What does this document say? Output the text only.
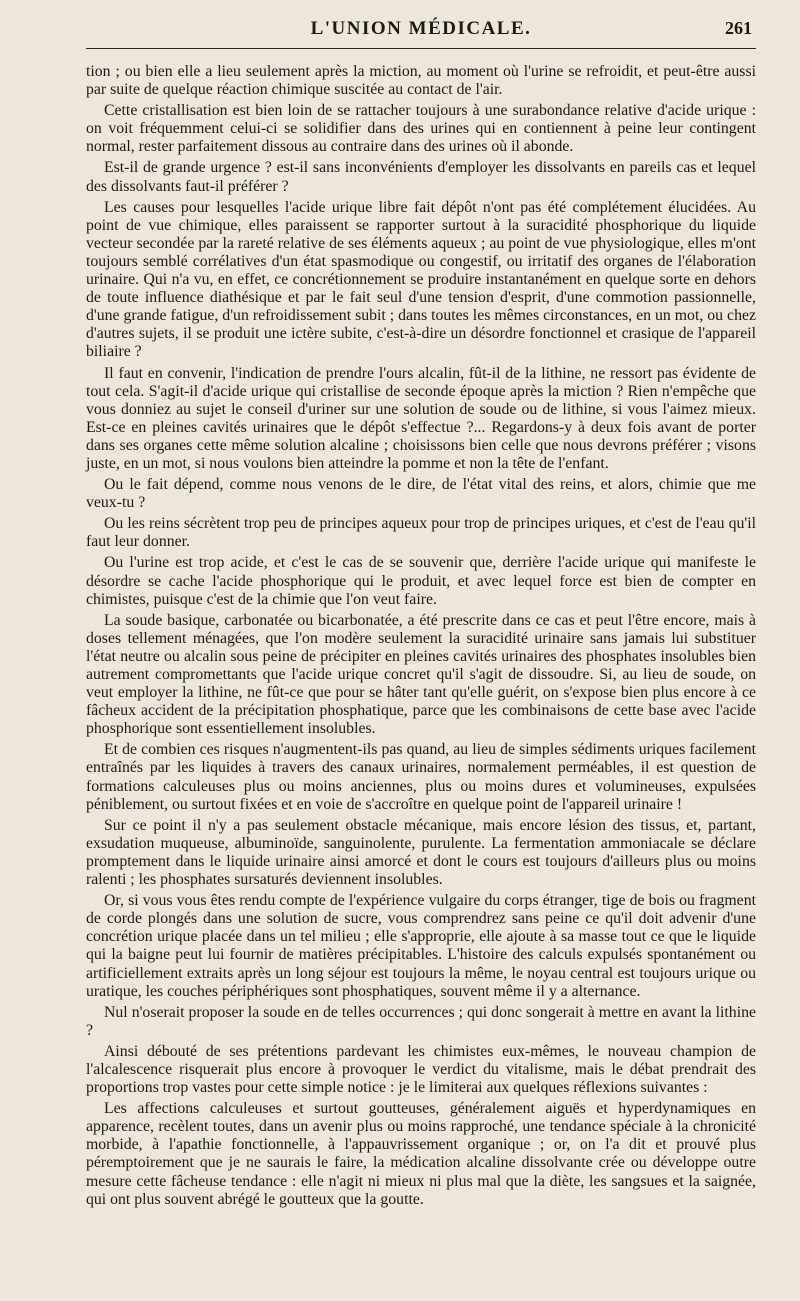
L'UNION MÉDICALE.	261

tion ; ou bien elle a lieu seulement après la miction, au moment où l'urine se refroidit, et peut-être aussi par suite de quelque réaction chimique suscitée au contact de l'air.

Cette cristallisation est bien loin de se rattacher toujours à une surabondance relative d'acide urique : on voit fréquemment celui-ci se solidifier dans des urines qui en contiennent à peine leur contingent normal, rester parfaitement dissous au contraire dans des urines où il abonde.

Est-il de grande urgence ? est-il sans inconvénients d'employer les dissolvants en pareils cas et lequel des dissolvants faut-il préférer ?

Les causes pour lesquelles l'acide urique libre fait dépôt n'ont pas été complétement élucidées. Au point de vue chimique, elles paraissent se rapporter surtout à la suracidité phosphorique du liquide vecteur secondée par la rareté relative de ses éléments aqueux ; au point de vue physiologique, elles m'ont toujours semblé corrélatives d'un état spasmodique ou congestif, ou irritatif des organes de l'élaboration urinaire. Qui n'a vu, en effet, ce concrétionnement se produire instantanément en quelque sorte en dehors de toute influence diathésique et par le fait seul d'une tension d'esprit, d'une commotion passionnelle, d'une grande fatigue, d'un refroidissement subit ; dans toutes les mêmes circonstances, en un mot, ou chez d'autres sujets, il se produit une ictère subite, c'est-à-dire un désordre fonctionnel et crasique de l'appareil biliaire ?

Il faut en convenir, l'indication de prendre l'ours alcalin, fût-il de la lithine, ne ressort pas évidente de tout cela. S'agit-il d'acide urique qui cristallise de seconde époque après la miction ? Rien n'empêche que vous donniez au sujet le conseil d'uriner sur une solution de soude ou de lithine, si vous l'aimez mieux. Est-ce en pleines cavités urinaires que le dépôt s'effectue ?... Regardons-y à deux fois avant de porter dans ses organes cette même solution alcaline ; choisissons bien celle que nous devrons préférer ; visons juste, en un mot, si nous voulons bien atteindre la pomme et non la tête de l'enfant.

Ou le fait dépend, comme nous venons de le dire, de l'état vital des reins, et alors, chimie que me veux-tu ?

Ou les reins sécrètent trop peu de principes aqueux pour trop de principes uriques, et c'est de l'eau qu'il faut leur donner.

Ou l'urine est trop acide, et c'est le cas de se souvenir que, derrière l'acide urique qui manifeste le désordre se cache l'acide phosphorique qui le produit, et avec lequel force est bien de compter en chimistes, puisque c'est de la chimie que l'on veut faire.

La soude basique, carbonatée ou bicarbonatée, a été prescrite dans ce cas et peut l'être encore, mais à doses tellement ménagées, que l'on modère seulement la suracidité urinaire sans jamais lui substituer l'état neutre ou alcalin sous peine de précipiter en pleines cavités urinaires des phosphates insolubles bien autrement compromettants que l'acide urique concret qu'il s'agit de dissoudre. Si, au lieu de soude, on veut employer la lithine, ne fût-ce que pour se hâter tant qu'elle guérit, on s'expose bien plus encore à ce fâcheux accident de la précipitation phosphatique, parce que les combinaisons de cette base avec l'acide phosphorique sont essentiellement insolubles.

Et de combien ces risques n'augmentent-ils pas quand, au lieu de simples sédiments uriques facilement entraînés par les liquides à travers des canaux urinaires, normalement perméables, il est question de formations calculeuses plus ou moins anciennes, plus ou moins dures et volumineuses, expulsées péniblement, ou surtout fixées et en voie de s'accroître en quelque point de l'appareil urinaire !

Sur ce point il n'y a pas seulement obstacle mécanique, mais encore lésion des tissus, et, partant, exsudation muqueuse, albuminoïde, sanguinolente, purulente. La fermentation ammoniacale se déclare promptement dans le liquide urinaire ainsi amorcé et dont le cours est toujours d'ailleurs plus ou moins ralenti ; les phosphates sursaturés deviennent insolubles.

Or, si vous vous êtes rendu compte de l'expérience vulgaire du corps étranger, tige de bois ou fragment de corde plongés dans une solution de sucre, vous comprendrez sans peine ce qu'il doit advenir d'une concrétion urique placée dans un tel milieu ; elle s'approprie, elle ajoute à sa masse tout ce que le liquide qui la baigne peut lui fournir de matières précipitables. L'histoire des calculs expulsés spontanément ou artificiellement extraits après un long séjour est toujours la même, le noyau central est toujours urique ou uratique, les couches périphériques sont phosphatiques, souvent même il y a alternance.

Nul n'oserait proposer la soude en de telles occurrences ; qui donc songerait à mettre en avant la lithine ?

Ainsi débouté de ses prétentions pardevant les chimistes eux-mêmes, le nouveau champion de l'alcalescence risquerait plus encore à provoquer le verdict du vitalisme, mais le débat prendrait des proportions trop vastes pour cette simple notice : je le limiterai aux quelques réflexions suivantes :

Les affections calculeuses et surtout goutteuses, généralement aiguës et hyperdynamiques en apparence, recèlent toutes, dans un avenir plus ou moins rapproché, une tendance spéciale à la chronicité morbide, à l'apathie fonctionnelle, à l'appauvrissement organique ; or, on l'a dit et prouvé plus péremptoirement que je ne saurais le faire, la médication alcaline dissolvante crée ou développe outre mesure cette fâcheuse tendance : elle n'agit ni mieux ni plus mal que la diète, les sangsues et la saignée, qui ont plus souvent abrégé le goutteux que la goutte.
